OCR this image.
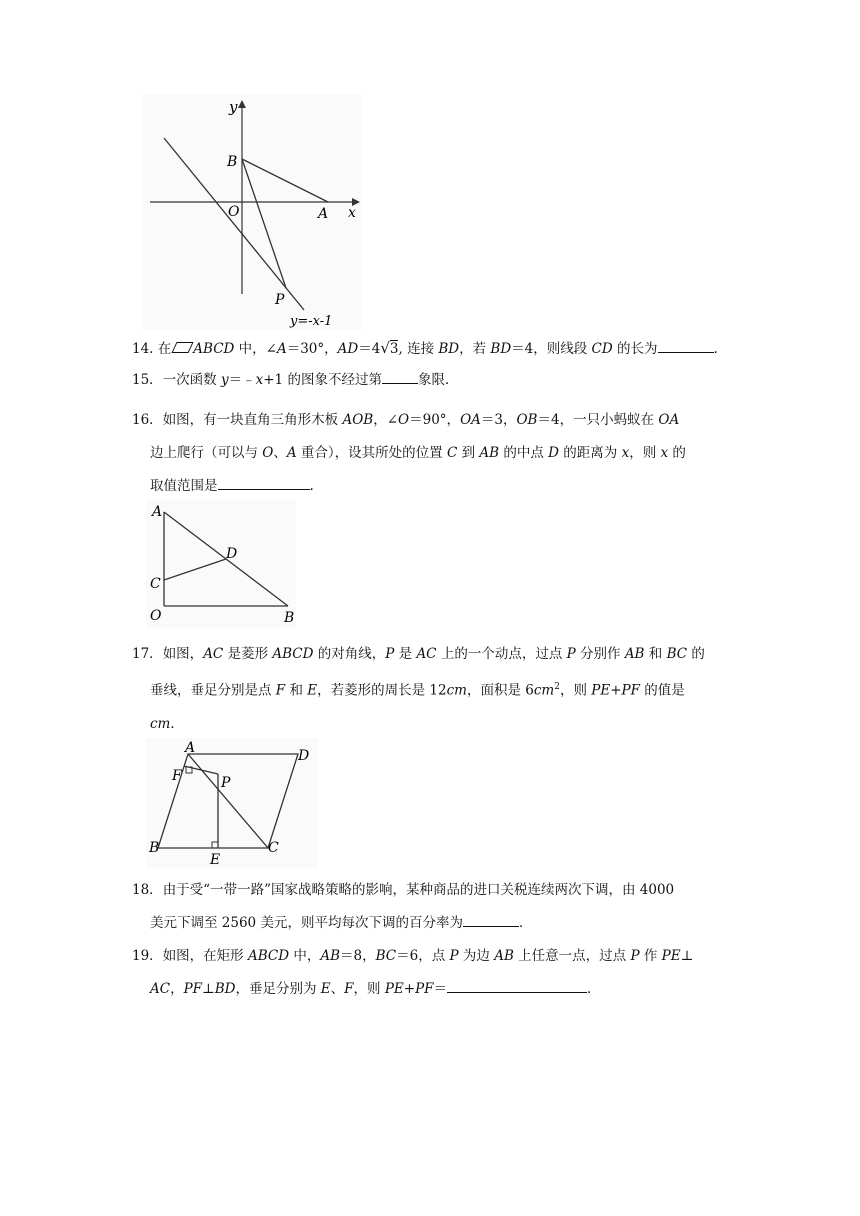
y
x
B
O	A
P
y=-x-1
14. 在 ABCD 中，∠A＝30°，AD＝4√3, 连接 BD，若 BD＝4，则线段 CD 的长为	.
15．一次函数 y＝﹣x+1 的图象不经过第	象限．
16．如图，有一块直角三角形木板 AOB，∠O＝90°，OA＝3，OB＝4，一只小蚂蚁在 OA
边上爬行（可以与 O、A 重合），设其所处的位置 C 到 AB 的中点 D 的距离为 x，则 x 的
取值范围是	.
A
D
C
O	B
17．如图，AC 是菱形 ABCD 的对角线，P 是 AC 上的一个动点，过点 P 分别作 AB 和 BC 的
垂线，垂足分别是点 F 和 E，若菱形的周长是 12cm，面积是 $6cm^2$，则 PE+PF 的值是
cm．
A	D
F	P
B
E
C
18．由于受“一带一路”国家战略策略的影响，某种商品的进口关税连续两次下调，由 4000
美元下调至 2560 美元，则平均每次下调的百分率为	．
19．如图，在矩形 ABCD 中，AB＝8，BC＝6，点 P 为边 AB 上任意一点，过点 P 作 PE⊥
AC，PF⊥BD，垂足分别为 E、F，则 PE+PF＝	．
